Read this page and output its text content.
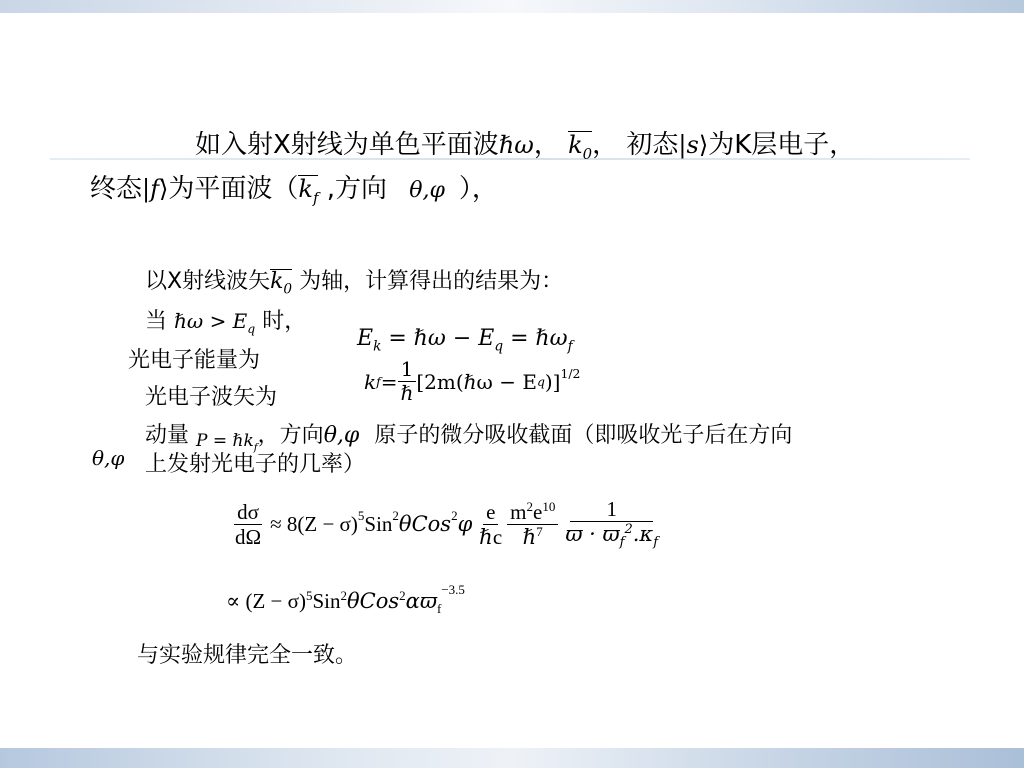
如入射X射线为单色平面波ℏω， $k_0$， 初态|s⟩为K层电子，
终态|f⟩为平面波（$k_f$ ,方向 θ,φ ），
以X射线波矢$k_0$ 为轴，计算得出的结果为：
当 ℏω > $E_q$ 时，
光电子能量为
$E_k$ = ℏω − $E_q$ = ℏω$_f$
光电子波矢为
k $f = \frac{1}{\text{ℏ}}$ [2m(ℏω − E q )]$^{1/2}$
动量 P = ℏk$_f$，方向θ,φ 原子的微分吸收截面（即吸收光子后在方向
θ,φ 上发射光电子的几率）
$\frac{d\sigma}{d\Omega} \approx 8(Z - \sigma)^5$ Sin$^2$ θCos$^2$ φ $\frac{e}{\text{ℏc}} \frac{m^2e^{10}}{\hbar^7} \frac{1}{ϖ \cdot ϖ_f^2.\kappa_f}$
∝ $(Z - \sigma)^5Sin^2\theta Cos^2\alpha ϖ_f^{-3.5}$
与实验规律完全一致。
